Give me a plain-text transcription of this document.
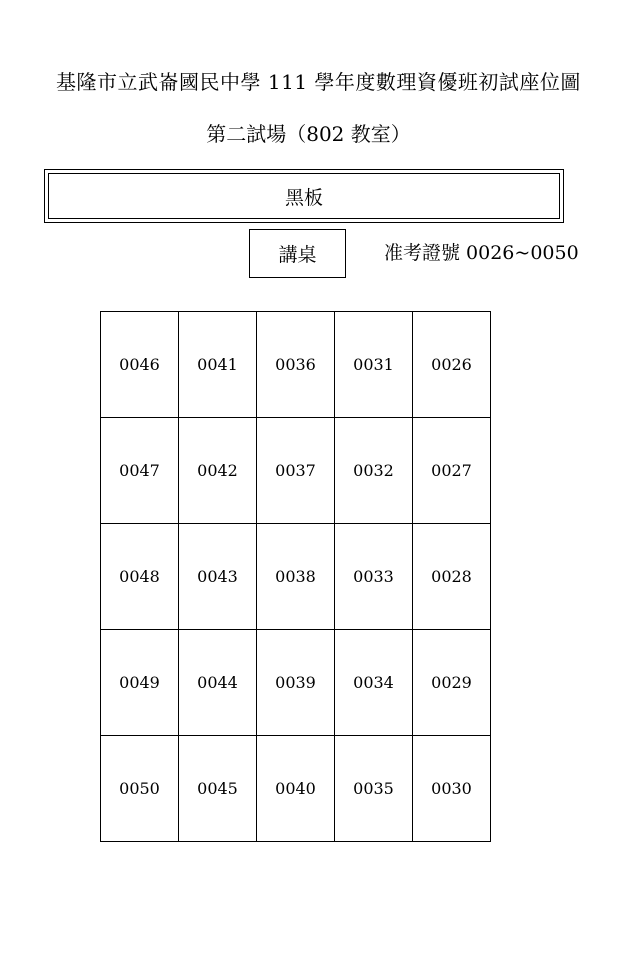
基隆市立武崙國民中學 111 學年度數理資優班初試座位圖
第二試場（802 教室）
黑板
講桌	准考證號 0026~0050
0046	0041	0036	0031	0026
0047	0042	0037	0032	0027
0048	0043	0038	0033	0028
0049	0044	0039	0034	0029
0050	0045	0040	0035	0030
